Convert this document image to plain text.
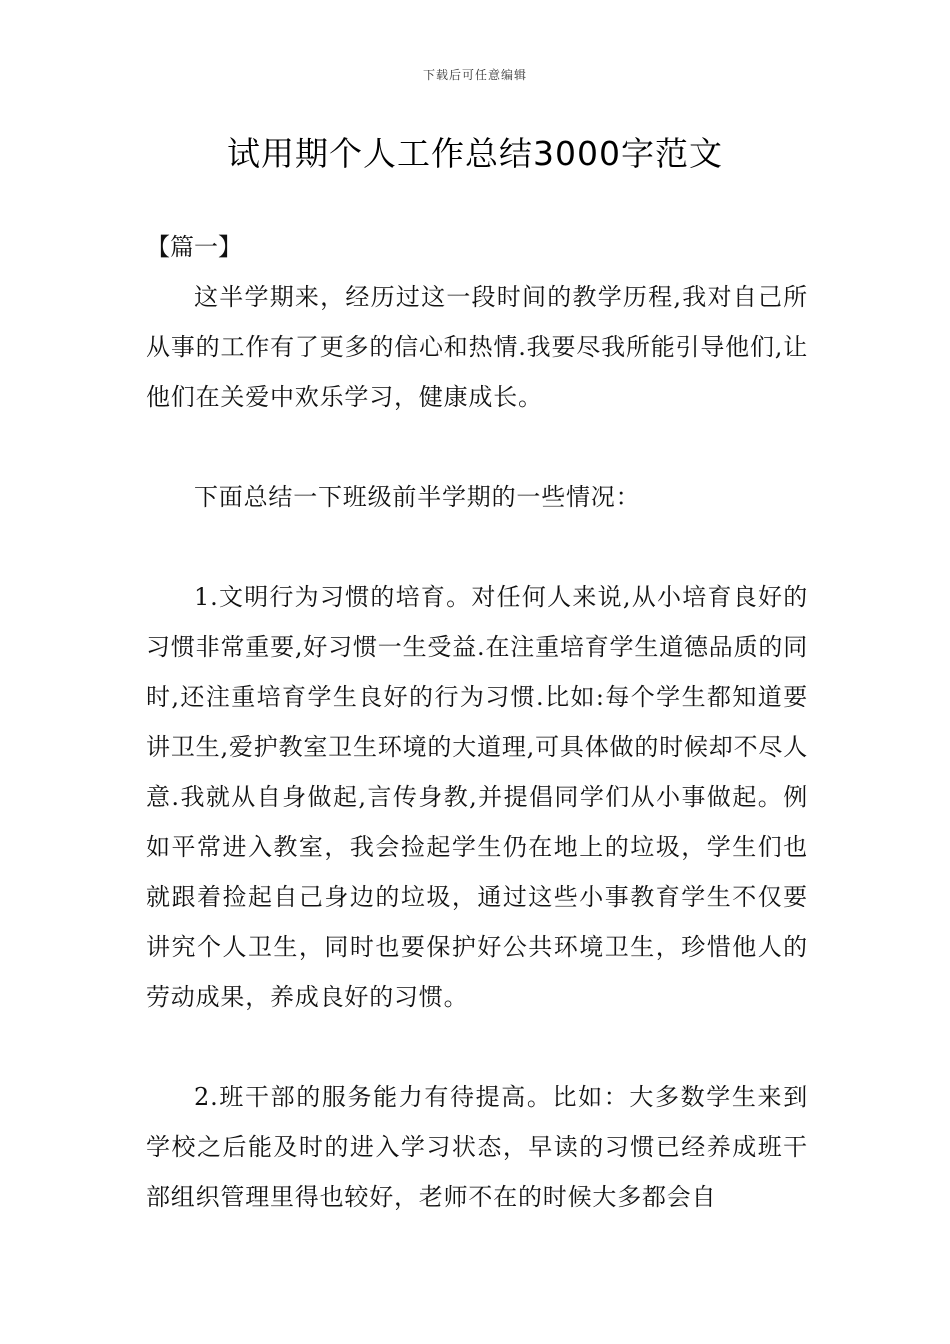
下载后可任意编辑
试用期个人工作总结3000字范文

【篇一】

这半学期来，经历过这一段时间的教学历程,我对自己所从事的工作有了更多的信心和热情.我要尽我所能引导他们,让他们在关爱中欢乐学习，健康成长。

下面总结一下班级前半学期的一些情况：

1.文明行为习惯的培育。对任何人来说,从小培育良好的习惯非常重要,好习惯一生受益.在注重培育学生道德品质的同时,还注重培育学生良好的行为习惯.比如:每个学生都知道要讲卫生,爱护教室卫生环境的大道理,可具体做的时候却不尽人意.我就从自身做起,言传身教,并提倡同学们从小事做起。例如平常进入教室，我会捡起学生仍在地上的垃圾，学生们也就跟着捡起自己身边的垃圾，通过这些小事教育学生不仅要讲究个人卫生，同时也要保护好公共环境卫生，珍惜他人的劳动成果，养成良好的习惯。

2.班干部的服务能力有待提高。比如：大多数学生来到学校之后能及时的进入学习状态，早读的习惯已经养成班干部组织管理里得也较好，老师不在的时候大多都会自
